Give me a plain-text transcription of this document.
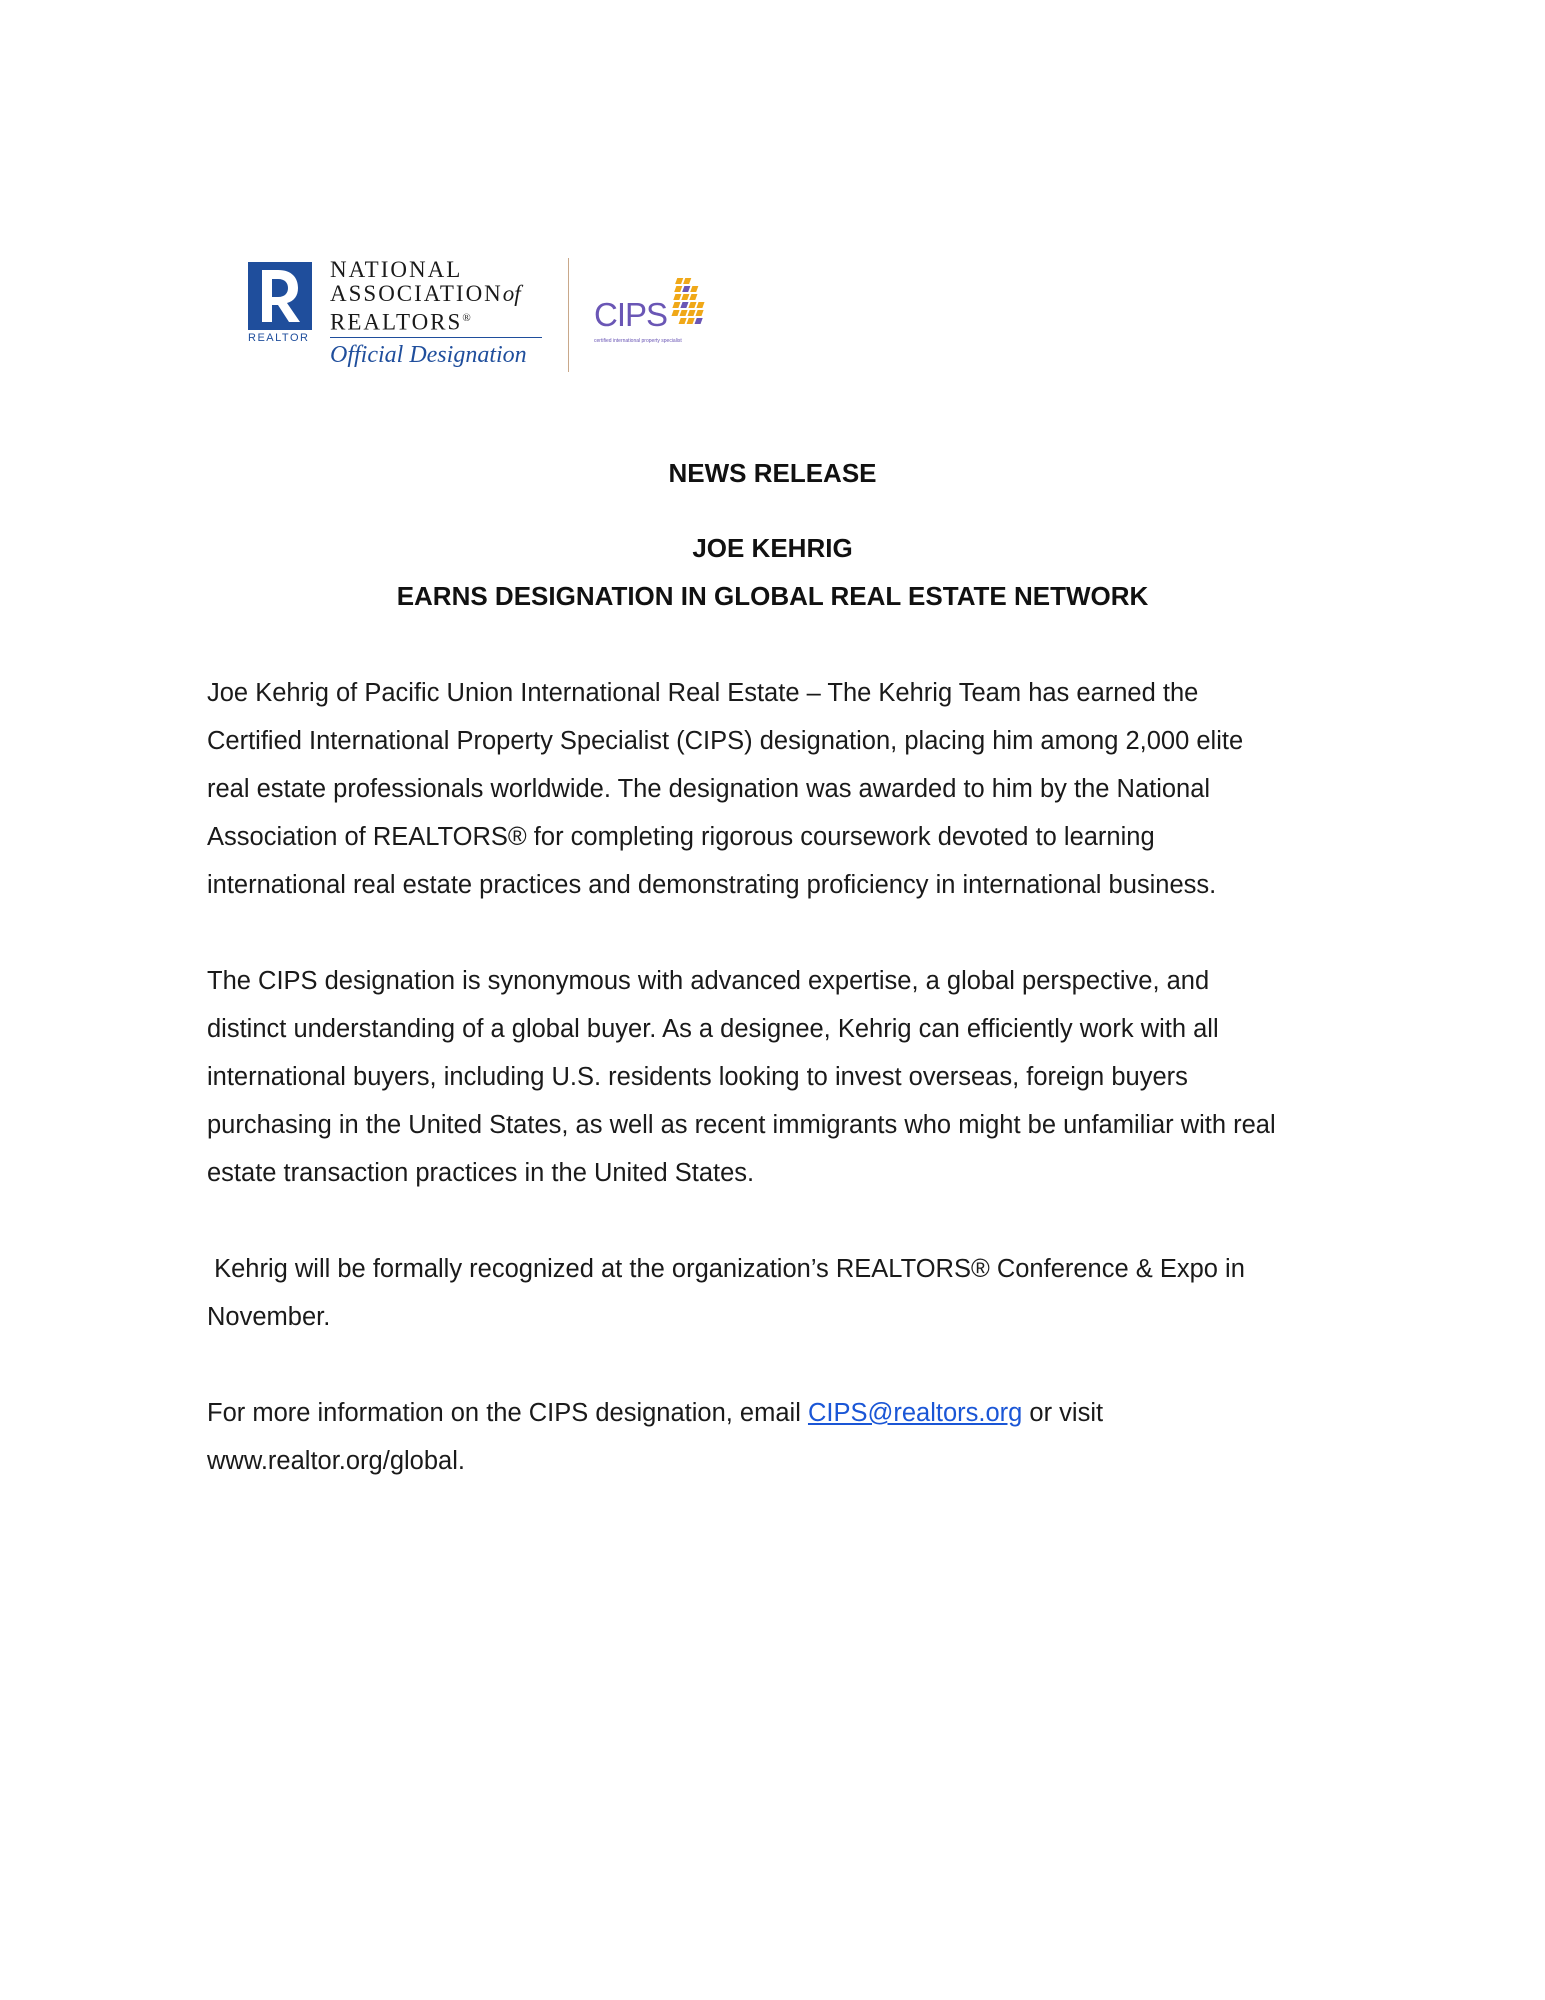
REALTOR
NATIONAL
ASSOCIATIONof
REALTORS®
Official Designation
CIPS
certified international property specialist
NEWS RELEASE
JOE KEHRIG
EARNS DESIGNATION IN GLOBAL REAL ESTATE NETWORK
Joe Kehrig of Pacific Union International Real Estate – The Kehrig Team has earned the
Certified International Property Specialist (CIPS) designation, placing him among 2,000 elite
real estate professionals worldwide. The designation was awarded to him by the National
Association of REALTORS® for completing rigorous coursework devoted to learning
international real estate practices and demonstrating proficiency in international business.
The CIPS designation is synonymous with advanced expertise, a global perspective, and
distinct understanding of a global buyer. As a designee, Kehrig can efficiently work with all
international buyers, including U.S. residents looking to invest overseas, foreign buyers
purchasing in the United States, as well as recent immigrants who might be unfamiliar with real
estate transaction practices in the United States.
Kehrig will be formally recognized at the organization’s REALTORS® Conference & Expo in
November.
For more information on the CIPS designation, email CIPS@realtors.org or visit
www.realtor.org/global.
